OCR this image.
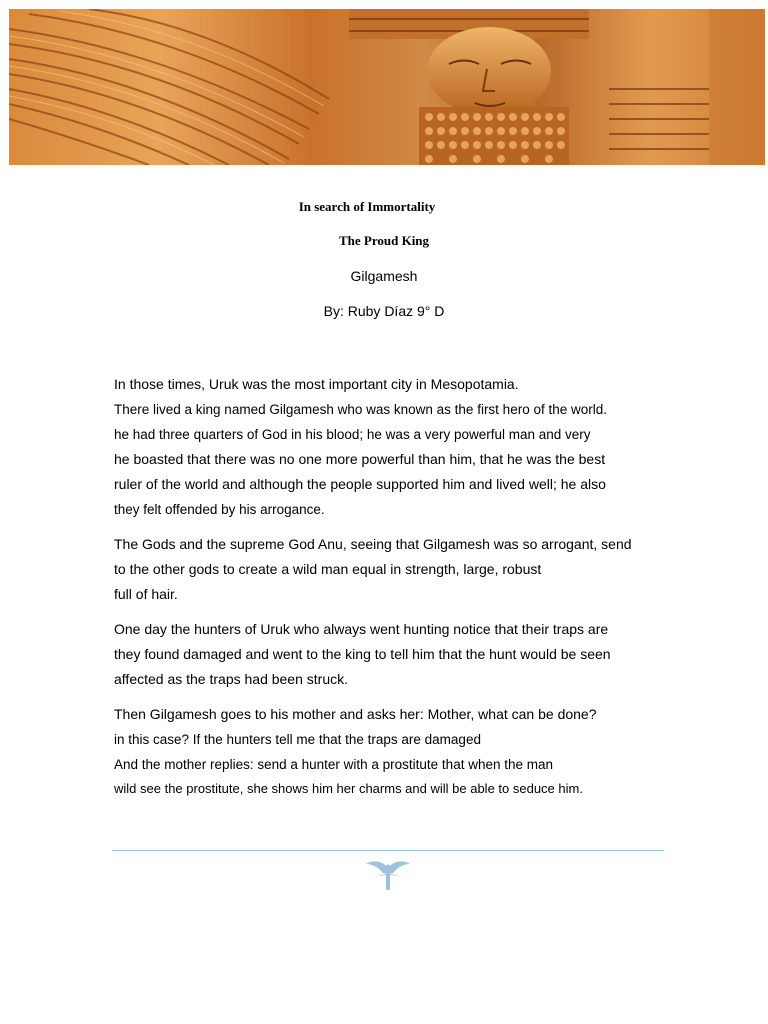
In search of Immortality
The Proud King
Gilgamesh
By: Ruby Díaz 9° D
In those times, Uruk was the most important city in Mesopotamia.
There lived a king named Gilgamesh who was known as the first hero of the world.
he had three quarters of God in his blood; he was a very powerful man and very
he boasted that there was no one more powerful than him, that he was the best
ruler of the world and although the people supported him and lived well; he also
they felt offended by his arrogance.
The Gods and the supreme God Anu, seeing that Gilgamesh was so arrogant, send
to the other gods to create a wild man equal in strength, large, robust
full of hair.
One day the hunters of Uruk who always went hunting notice that their traps are
they found damaged and went to the king to tell him that the hunt would be seen
affected as the traps had been struck.
Then Gilgamesh goes to his mother and asks her: Mother, what can be done?
in this case? If the hunters tell me that the traps are damaged
And the mother replies: send a hunter with a prostitute that when the man
wild see the prostitute, she shows him her charms and will be able to seduce him.
